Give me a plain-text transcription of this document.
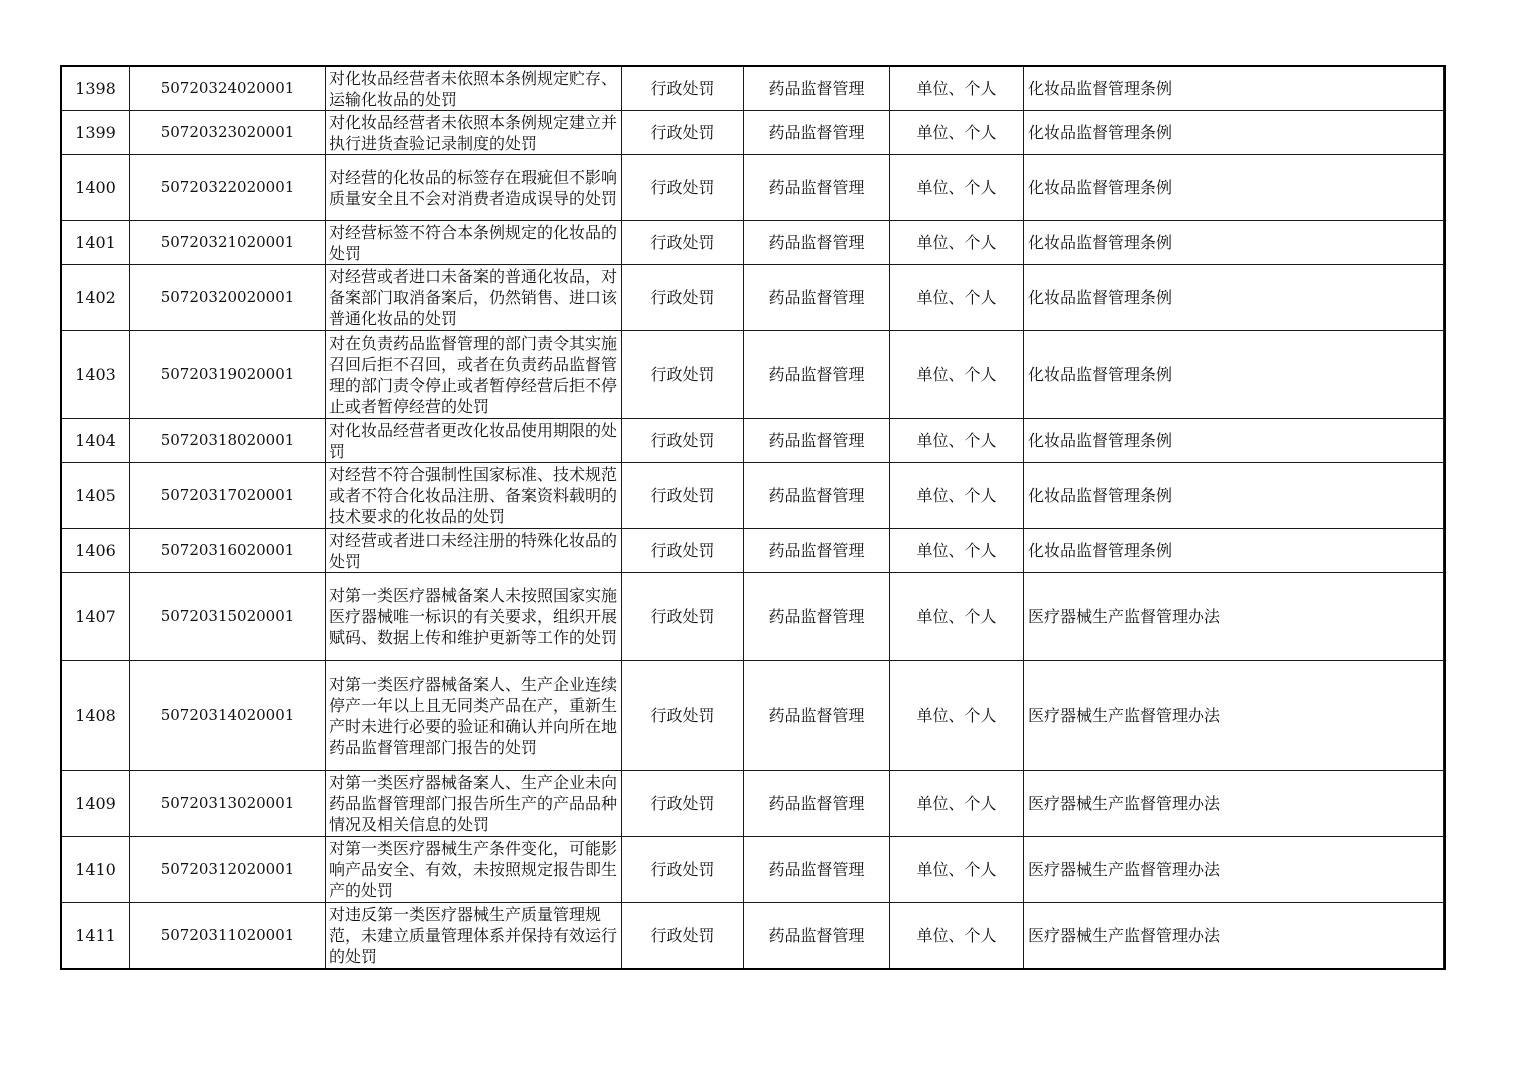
1398	50720324020001	对化妆品经营者未依照本条例规定贮存、运输化妆品的处罚	行政处罚	药品监督管理	单位、个人	化妆品监督管理条例
1399	50720323020001	对化妆品经营者未依照本条例规定建立并执行进货查验记录制度的处罚	行政处罚	药品监督管理	单位、个人	化妆品监督管理条例
1400	50720322020001	对经营的化妆品的标签存在瑕疵但不影响质量安全且不会对消费者造成误导的处罚	行政处罚	药品监督管理	单位、个人	化妆品监督管理条例
1401	50720321020001	对经营标签不符合本条例规定的化妆品的处罚	行政处罚	药品监督管理	单位、个人	化妆品监督管理条例
1402	50720320020001	对经营或者进口未备案的普通化妆品，对备案部门取消备案后，仍然销售、进口该普通化妆品的处罚	行政处罚	药品监督管理	单位、个人	化妆品监督管理条例
1403	50720319020001	对在负责药品监督管理的部门责令其实施召回后拒不召回，或者在负责药品监督管理的部门责令停止或者暂停经营后拒不停止或者暂停经营的处罚	行政处罚	药品监督管理	单位、个人	化妆品监督管理条例
1404	50720318020001	对化妆品经营者更改化妆品使用期限的处罚	行政处罚	药品监督管理	单位、个人	化妆品监督管理条例
1405	50720317020001	对经营不符合强制性国家标准、技术规范或者不符合化妆品注册、备案资料载明的技术要求的化妆品的处罚	行政处罚	药品监督管理	单位、个人	化妆品监督管理条例
1406	50720316020001	对经营或者进口未经注册的特殊化妆品的处罚	行政处罚	药品监督管理	单位、个人	化妆品监督管理条例
1407	50720315020001	对第一类医疗器械备案人未按照国家实施医疗器械唯一标识的有关要求，组织开展赋码、数据上传和维护更新等工作的处罚	行政处罚	药品监督管理	单位、个人	医疗器械生产监督管理办法
1408	50720314020001	对第一类医疗器械备案人、生产企业连续停产一年以上且无同类产品在产，重新生产时未进行必要的验证和确认并向所在地药品监督管理部门报告的处罚	行政处罚	药品监督管理	单位、个人	医疗器械生产监督管理办法
1409	50720313020001	对第一类医疗器械备案人、生产企业未向药品监督管理部门报告所生产的产品品种情况及相关信息的处罚	行政处罚	药品监督管理	单位、个人	医疗器械生产监督管理办法
1410	50720312020001	对第一类医疗器械生产条件变化，可能影响产品安全、有效，未按照规定报告即生产的处罚	行政处罚	药品监督管理	单位、个人	医疗器械生产监督管理办法
1411	50720311020001	对违反第一类医疗器械生产质量管理规范，未建立质量管理体系并保持有效运行的处罚	行政处罚	药品监督管理	单位、个人	医疗器械生产监督管理办法
